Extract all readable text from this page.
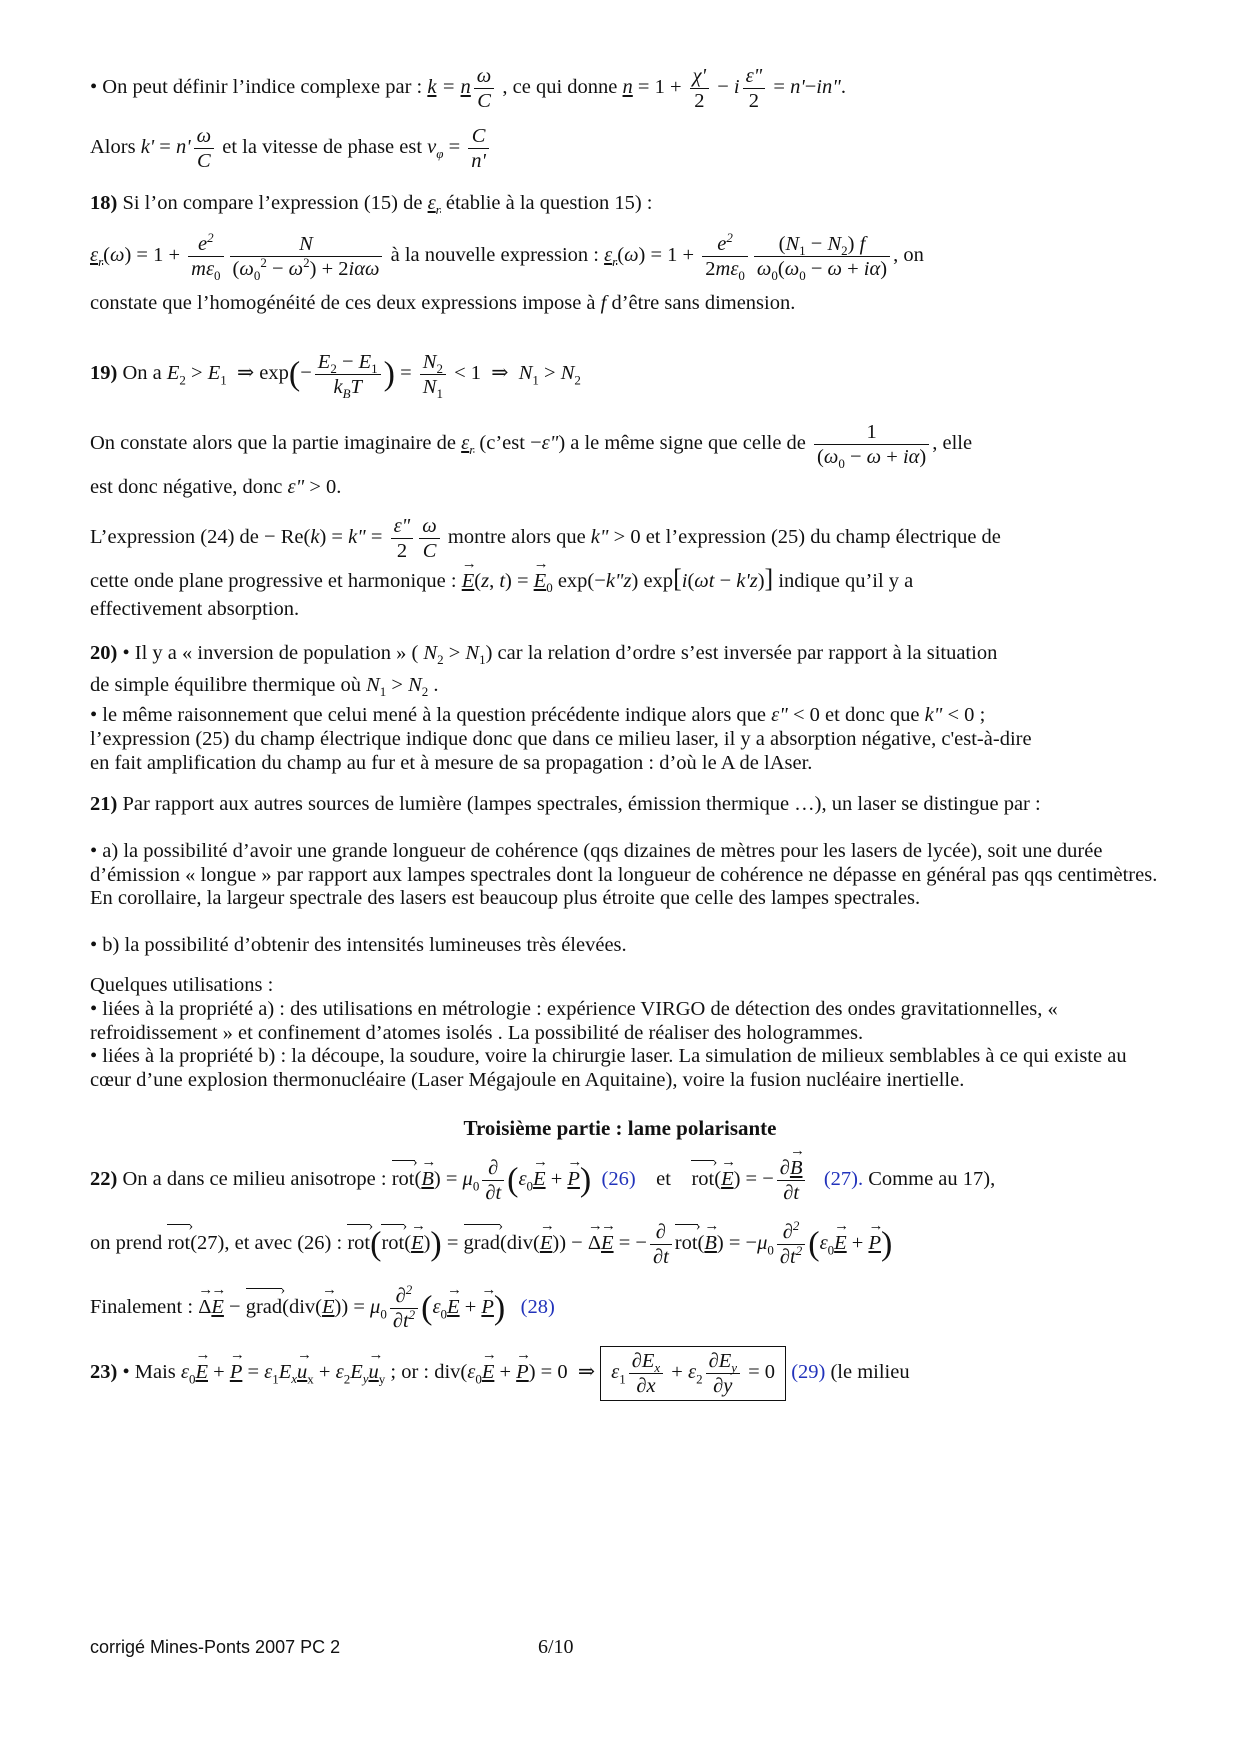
• On peut définir l’indice complexe par : k = n $\frac{\omega}{C}$ , ce qui donne $n = 1 + \frac{\chi'}{2} - i \frac{\varepsilon"}{2} = n'-in$".
Alors $k' = n' \frac{\omega}{C}$ et la vitesse de phase est $v_\varphi = \frac{C}{n'}$
18) Si l’on compare l’expression (15) de $\varepsilon_r$ établie à la question 15) :
$\varepsilon_r(\omega) = 1 + \frac{e^2}{m\varepsilon_0} \frac{N}{(\omega_0^2 - \omega^2) + 2i\alpha\omega}$ à la nouvelle expression : $\varepsilon_r(\omega) = 1 + \frac{e^2}{2m\varepsilon_0} \frac{(N_1 - N_2) f}{\omega_0(\omega_0 - \omega + i\alpha)}$ , on
constate que l’homogénéité de ces deux expressions impose à f d’être sans dimension.
19) On a $E_2 > E_1$  ⇒ $\exp(- \frac{E_2 - E_1}{k_BT}$ ) = $\frac{N_2}{N_1} < 1$  ⇒  $N_1 > N_2$
On constate alors que la partie imaginaire de $\varepsilon_r$ (c’est −ε") a le même signe que celle de $\frac{1}{(\omega_0 - \omega + i\alpha)}$ , elle
est donc négative, donc ε" > 0.
L’expression (24) de − Re(k) = k" = $\frac{\varepsilon"}{2} \frac{\omega}{C}$ montre alors que k" > 0 et l’expression (25) du champ électrique de
cette onde plane progressive et harmonique : → E(z, t) = → $E_0$ exp(−k"z) exp[i(ωt − k'z)] indique qu’il y a
effectivement absorption.
20) • Il y a « inversion de population » ( $N_2 > N_1$) car la relation d’ordre s’est inversée par rapport à la situation
de simple équilibre thermique où $N_1 > N_2$ .
• le même raisonnement que celui mené à la question précédente indique alors que ε" < 0 et donc que k" < 0 ;
l’expression (25) du champ électrique indique donc que dans ce milieu laser, il y a absorption négative, c'est-à-dire
en fait amplification du champ au fur et à mesure de sa propagation : d’où le A de lAser.
21) Par rapport aux autres sources de lumière (lampes spectrales, émission thermique …), un laser se distingue par :
• a) la possibilité d’avoir une grande longueur de cohérence (qqs dizaines de mètres pour les lasers de lycée), soit une durée d’émission « longue » par rapport aux lampes spectrales dont la longueur de cohérence ne dépasse en général pas qqs centimètres. En corollaire, la largeur spectrale des lasers est beaucoup plus étroite que celle des lampes spectrales.
• b) la possibilité d’obtenir des intensités lumineuses très élevées.
Quelques utilisations :
• liées à la propriété a) : des utilisations en métrologie : expérience VIRGO de détection des ondes gravitationnelles, « refroidissement » et confinement d’atomes isolés . La possibilité de réaliser des hologrammes.
• liées à la propriété b) : la découpe, la soudure, voire la chirurgie laser. La simulation de milieux semblables à ce qui existe au cœur d’une explosion thermonucléaire (Laser Mégajoule en Aquitaine), voire la fusion nucléaire inertielle.
Troisième partie : lame polarisante
22) On a dans ce milieu anisotrope : rot ›(→ $B) = \mu_0 \frac{\partial}{\partial t} (\varepsilon_0\to E$ + → P) (26) et rot ›(→ E) = − $\frac{\partial\to B}{\partial t} (27)$. Comme au 17),
on prend rot ›(27), et avec (26) : rot ›(rot ›(→ E)) = grad ›(div(→ E)) − → Δ→ E = − $\frac{\partial}{\partial t}$ rot ›(→ $B) = -\mu_0 \frac{\partial^2}{\partial t^2} (\varepsilon_0\to E$ + → P)
Finalement : → Δ→ E − grad ›(div(→ $E)) = \mu_0 \frac{\partial^2}{\partial t^2} (\varepsilon_0\to E$ + → P) (28)
23) • Mais $\varepsilon_0\to E$ + → $P = \varepsilon_1E_x\to u_x + \varepsilon_2E_y\to u_y$ ; or : $div(\varepsilon_0\to E$ + → P) = 0  ⇒ $\varepsilon_1 \frac{\partial E_x}{\partial x} + \varepsilon_2 \frac{\partial E_y}{\partial y} = 0$ (29) (le milieu
corrigé Mines-Ponts 2007 PC 2	6/10
